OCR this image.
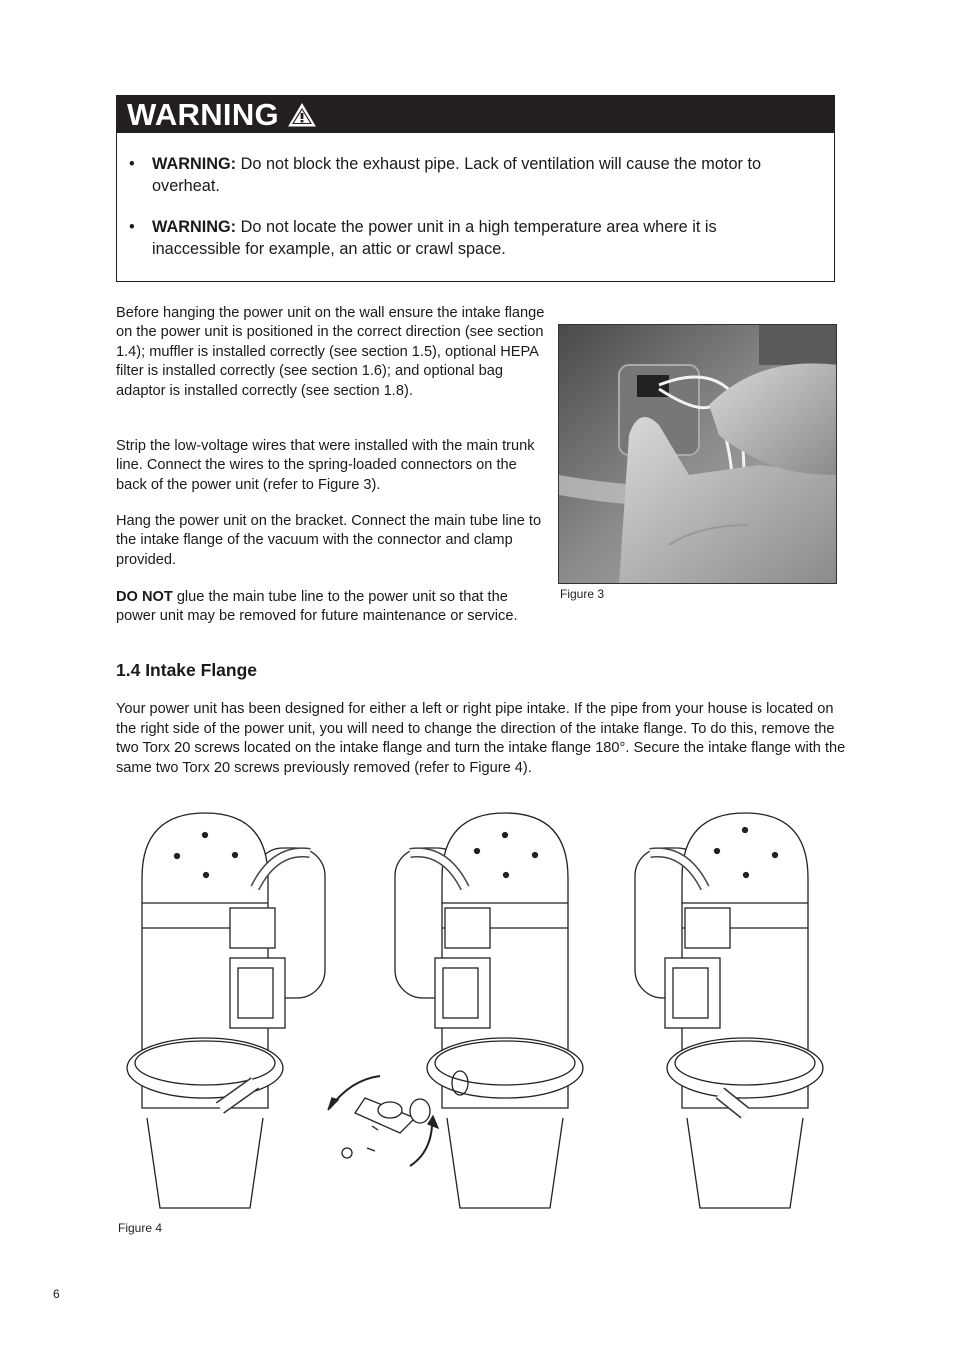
WARNING
• WARNING: Do not block the exhaust pipe. Lack of ventilation will cause the motor to overheat.
• WARNING: Do not locate the power unit in a high temperature area where it is inaccessible for example, an attic or crawl space.

Before hanging the power unit on the wall ensure the intake flange on the power unit is positioned in the correct direction (see section 1.4); muffler is installed correctly (see section 1.5), optional HEPA filter is installed correctly (see section 1.6); and optional bag adaptor is installed correctly (see section 1.8).

Strip the low-voltage wires that were installed with the main trunk line. Connect the wires to the spring-loaded connectors on the back of the power unit (refer to Figure 3).

Hang the power unit on the bracket. Connect the main tube line to the intake flange of the vacuum with the connector and clamp provided.

DO NOT glue the main tube line to the power unit so that the power unit may be removed for future maintenance or service.

Figure 3
1.4 Intake Flange

Your power unit has been designed for either a left or right pipe intake. If the pipe from your house is located on the right side of the power unit, you will need to change the direction of the intake flange. To do this, remove the two Torx 20 screws located on the intake flange and turn the intake flange 180°. Secure the intake flange with the same two Torx 20 screws previously removed (refer to Figure 4).

Figure 4
6
